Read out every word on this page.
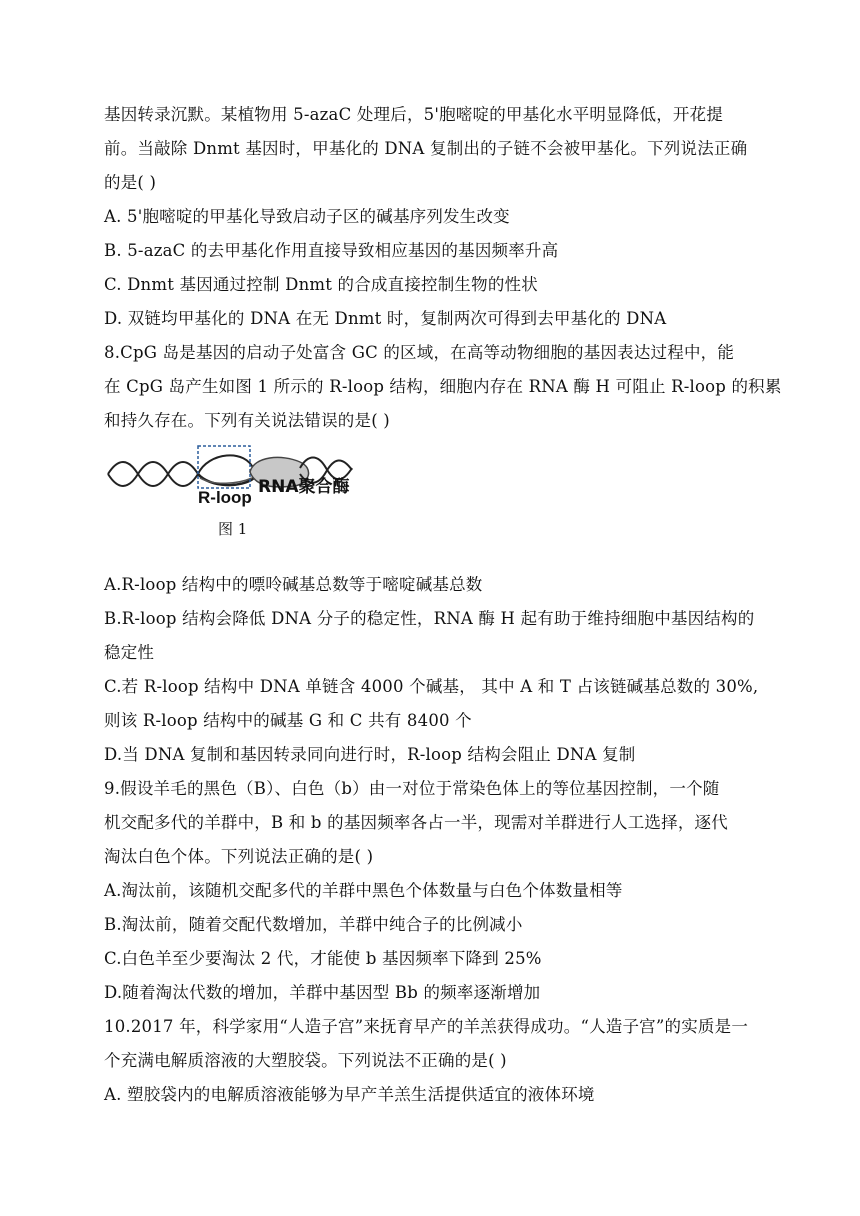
基因转录沉默。某植物用 5-azaC 处理后，5'胞嘧啶的甲基化水平明显降低，开花提
前。当敲除 Dnmt 基因时，甲基化的 DNA 复制出的子链不会被甲基化。下列说法正确
的是( )
A. 5'胞嘧啶的甲基化导致启动子区的碱基序列发生改变
B. 5-azaC 的去甲基化作用直接导致相应基因的基因频率升高
C. Dnmt 基因通过控制 Dnmt 的合成直接控制生物的性状
D. 双链均甲基化的 DNA 在无 Dnmt 时，复制两次可得到去甲基化的 DNA
8.CpG 岛是基因的启动子处富含 GC 的区域，在高等动物细胞的基因表达过程中，能
在 CpG 岛产生如图 1 所示的 R-loop 结构，细胞内存在 RNA 酶 H 可阻止 R-loop 的积累
和持久存在。下列有关说法错误的是( )
R-loop
RNA聚合酶
图 1
A.R-loop 结构中的嘌呤碱基总数等于嘧啶碱基总数
B.R-loop 结构会降低 DNA 分子的稳定性，RNA 酶 H 起有助于维持细胞中基因结构的
稳定性
C.若 R-loop 结构中 DNA 单链含 4000 个碱基， 其中 A 和 T 占该链碱基总数的 30%,
则该 R-loop 结构中的碱基 G 和 C 共有 8400 个
D.当 DNA 复制和基因转录同向进行时，R-loop 结构会阻止 DNA 复制
9.假设羊毛的黑色（B）、白色（b）由一对位于常染色体上的等位基因控制，一个随
机交配多代的羊群中，B 和 b 的基因频率各占一半，现需对羊群进行人工选择，逐代
淘汰白色个体。下列说法正确的是( )
A.淘汰前，该随机交配多代的羊群中黑色个体数量与白色个体数量相等
B.淘汰前，随着交配代数增加，羊群中纯合子的比例减小
C.白色羊至少要淘汰 2 代，才能使 b 基因频率下降到 25%
D.随着淘汰代数的增加，羊群中基因型 Bb 的频率逐渐增加
10.2017 年，科学家用“人造子宫”来抚育早产的羊羔获得成功。“人造子宫”的实质是一
个充满电解质溶液的大塑胶袋。下列说法不正确的是( )
A. 塑胶袋内的电解质溶液能够为早产羊羔生活提供适宜的液体环境
